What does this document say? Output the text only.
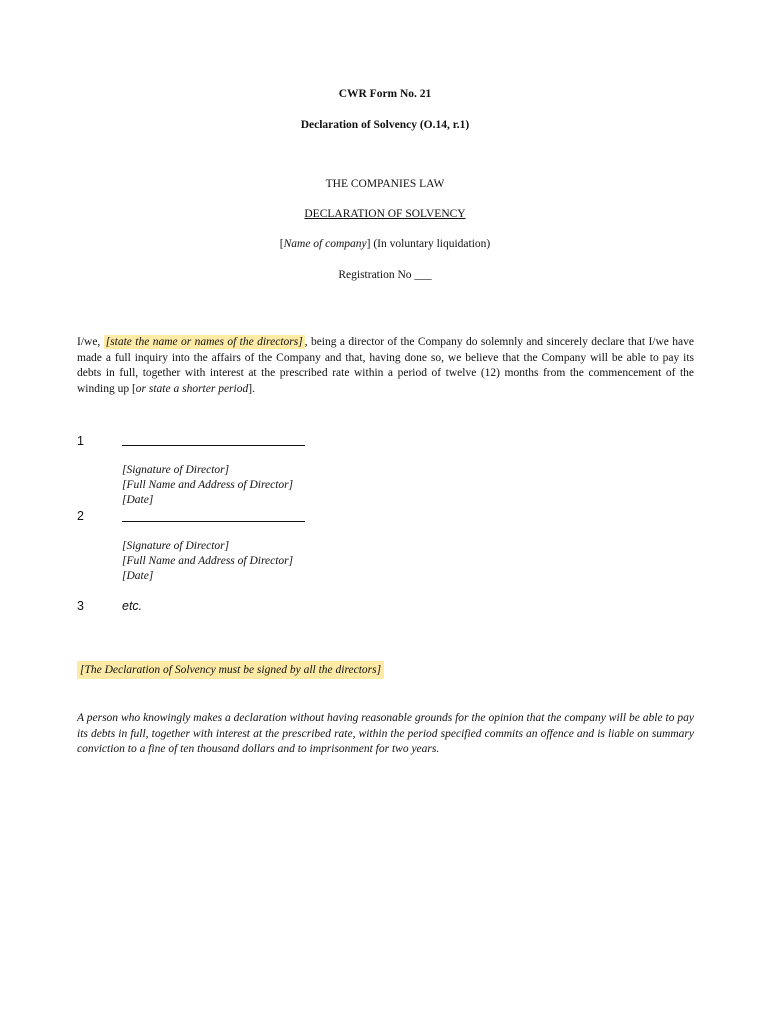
CWR Form No. 21
Declaration of Solvency (O.14, r.1)
THE COMPANIES LAW
DECLARATION OF SOLVENCY
[Name of company] (In voluntary liquidation)
Registration No ___
I/we, [state the name or names of the directors] , being a director of the Company do solemnly and sincerely declare that I/we have made a full inquiry into the affairs of the Company and that, having done so, we believe that the Company will be able to pay its debts in full, together with interest at the prescribed rate within a period of twelve (12) months from the commencement of the winding up [or state a shorter period].
1
[Signature of Director]
[Full Name and Address of Director]
[Date]
2
[Signature of Director]
[Full Name and Address of Director]
[Date]
3	etc.
[The Declaration of Solvency must be signed by all the directors]
A person who knowingly makes a declaration without having reasonable grounds for the opinion that the company will be able to pay its debts in full, together with interest at the prescribed rate, within the period specified commits an offence and is liable on summary conviction to a fine of ten thousand dollars and to imprisonment for two years.
